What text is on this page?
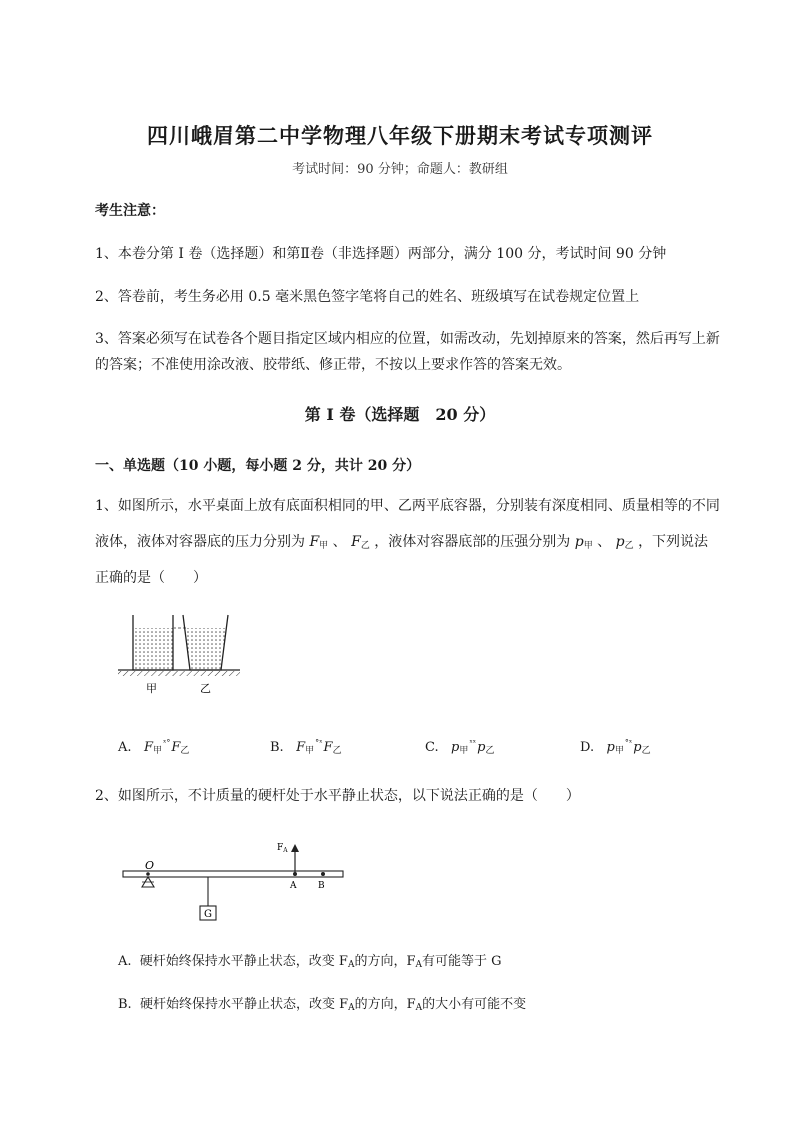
四川峨眉第二中学物理八年级下册期末考试专项测评
考试时间：90 分钟；命题人：教研组
考生注意：
1、本卷分第 I 卷（选择题）和第Ⅱ卷（非选择题）两部分，满分 100 分，考试时间 90 分钟
2、答卷前，考生务必用 0.5 毫米黑色签字笔将自己的姓名、班级填写在试卷规定位置上
3、答案必须写在试卷各个题目指定区域内相应的位置，如需改动，先划掉原来的答案，然后再写上新
的答案；不准使用涂改液、胶带纸、修正带，不按以上要求作答的答案无效。
第 I 卷（选择题　20 分）
一、单选题（10 小题，每小题 2 分，共计 20 分）
1、如图所示，水平桌面上放有底面积相同的甲、乙两平底容器，分别装有深度相同、质量相等的不同
液体，液体对容器底的压力分别为 $F_甲$ 、 $F_乙$ ，液体对容器底部的压强分别为 $p_甲$ 、 $p_乙$ ，下列说法
正确的是（　　）
甲	乙
A. $F_甲^{ˣ^\circ}F_乙$	B. $F_甲^{^\circ ˣ}F_乙$	C. $p_甲^{ˣˣ}p_乙$	D. $p_甲^{^\circ ˣ}p_乙$
2、如图所示，不计质量的硬杆处于水平静止状态，以下说法正确的是（　　）
O
G
$F_A$
A B
A. 硬杆始终保持水平静止状态，改变 $F_A$的方向，$F_A$有可能等于 G
B. 硬杆始终保持水平静止状态，改变 $F_A$的方向，$F_A$的大小有可能不变
